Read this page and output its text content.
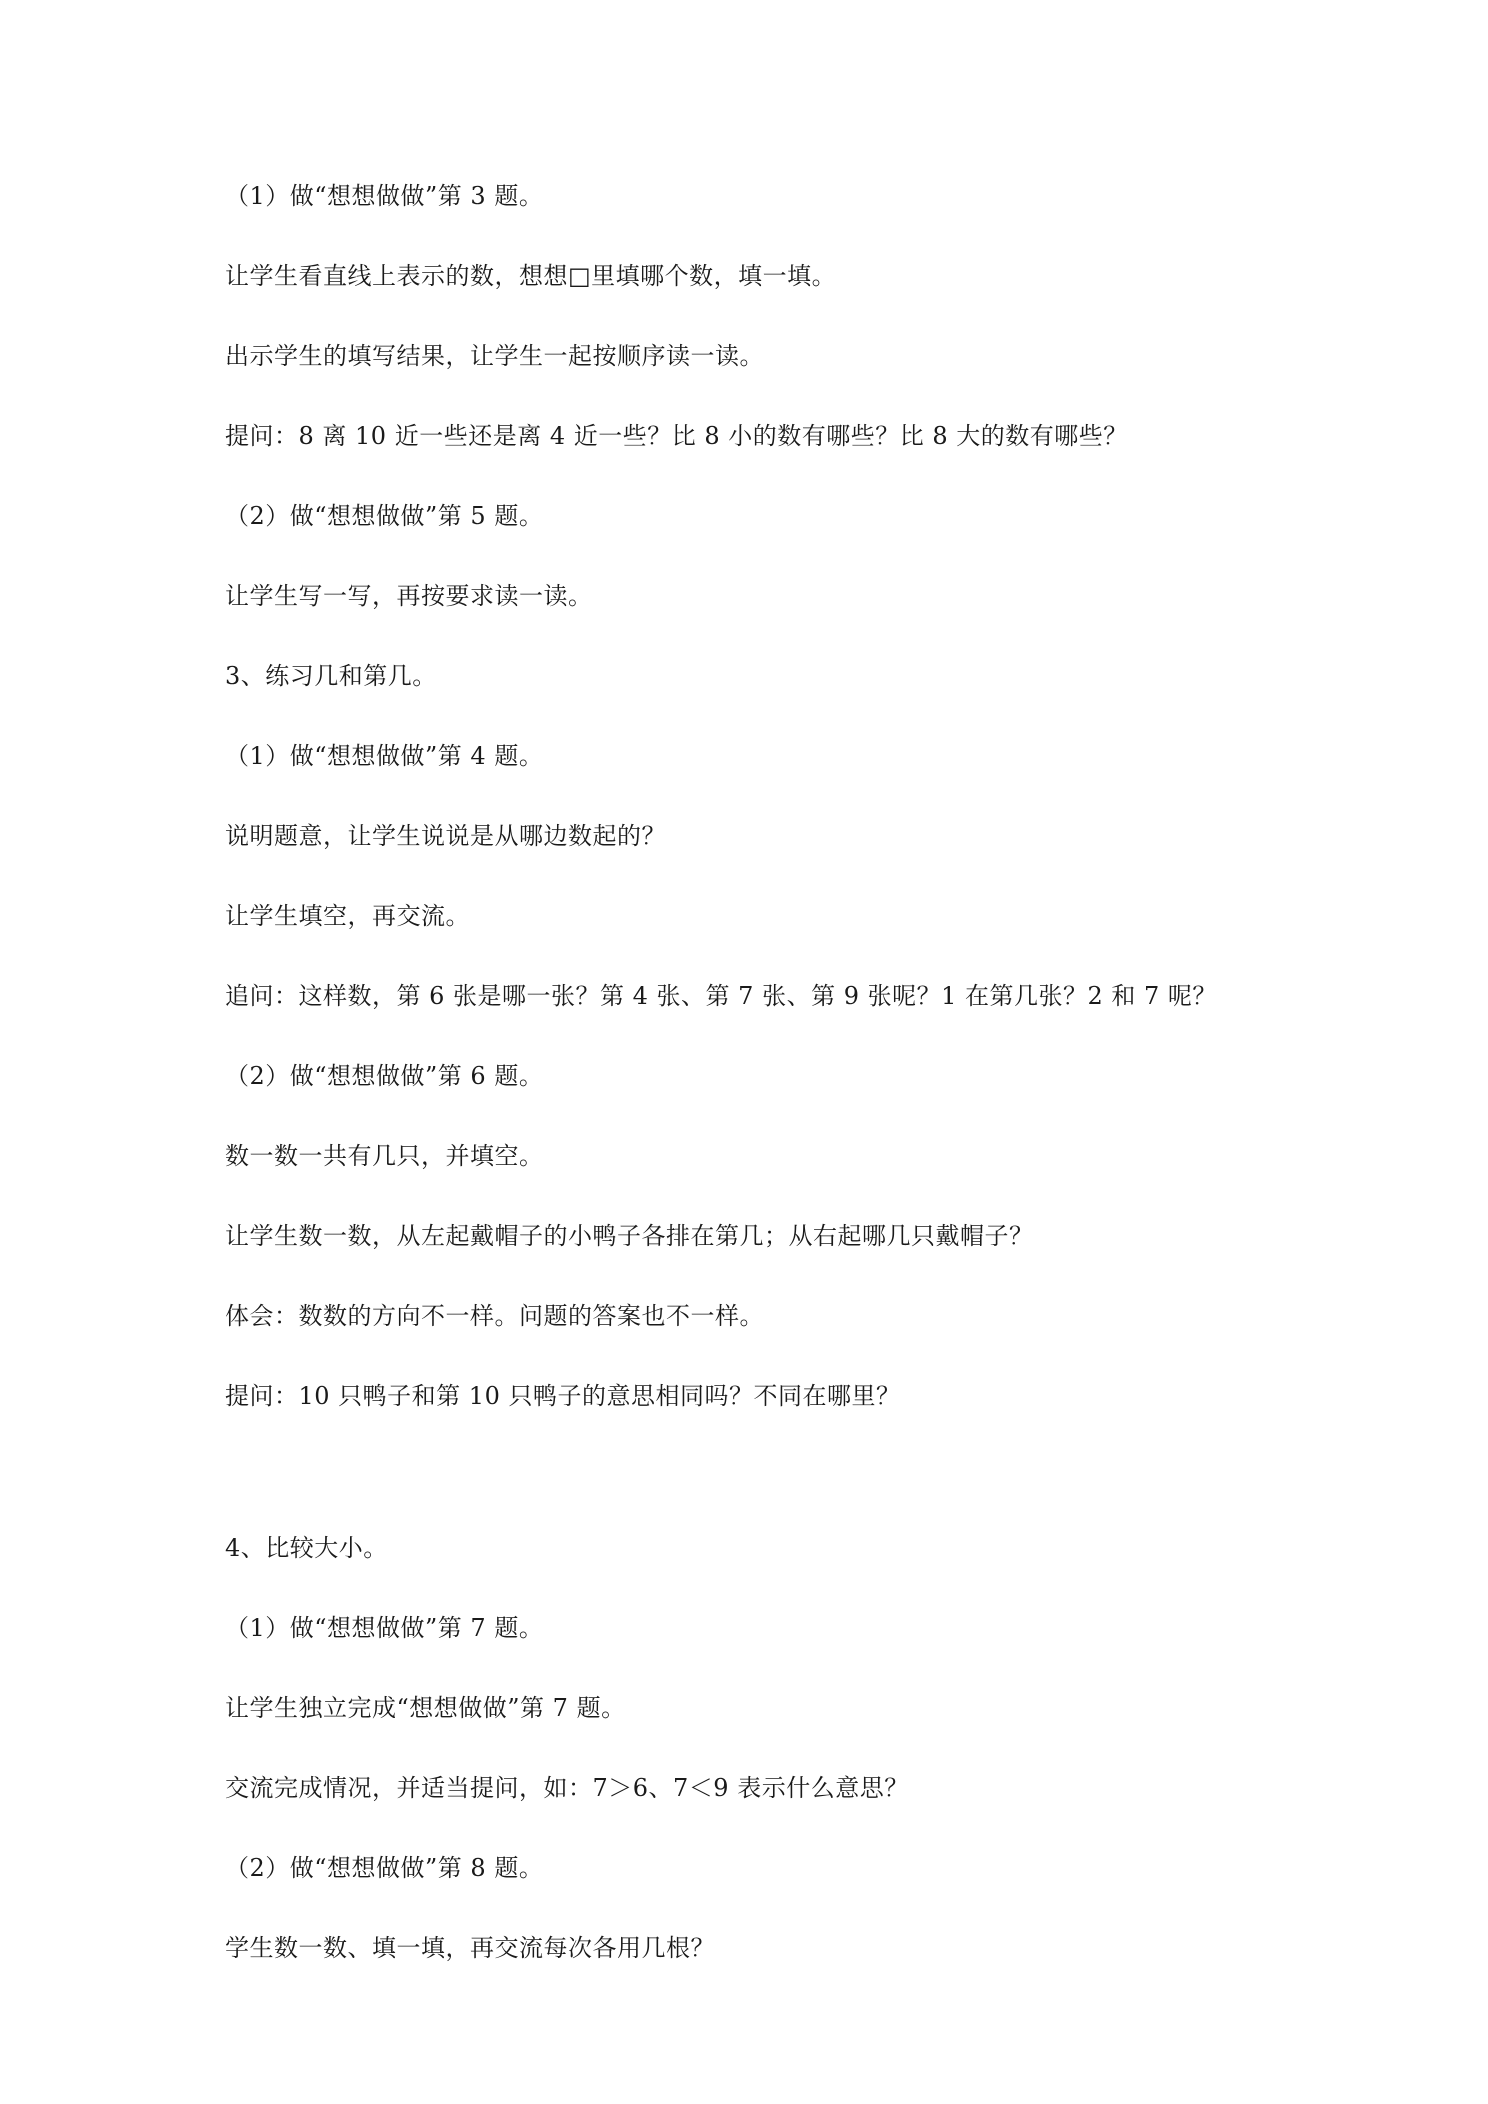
（1）做“想想做做”第 3 题。

让学生看直线上表示的数，想想□里填哪个数，填一填。

出示学生的填写结果，让学生一起按顺序读一读。

提问：8 离 10 近一些还是离 4 近一些？比 8 小的数有哪些？比 8 大的数有哪些？

（2）做“想想做做”第 5 题。

让学生写一写，再按要求读一读。

3、练习几和第几。

（1）做“想想做做”第 4 题。

说明题意，让学生说说是从哪边数起的？

让学生填空，再交流。

追问：这样数，第 6 张是哪一张？第 4 张、第 7 张、第 9 张呢？1 在第几张？2 和 7 呢？

（2）做“想想做做”第 6 题。

数一数一共有几只，并填空。

让学生数一数，从左起戴帽子的小鸭子各排在第几；从右起哪几只戴帽子？

体会：数数的方向不一样。问题的答案也不一样。

提问：10 只鸭子和第 10 只鸭子的意思相同吗？不同在哪里？

4、比较大小。

（1）做“想想做做”第 7 题。

让学生独立完成“想想做做”第 7 题。

交流完成情况，并适当提问，如：7＞6、7＜9 表示什么意思？

（2）做“想想做做”第 8 题。

学生数一数、填一填，再交流每次各用几根？
